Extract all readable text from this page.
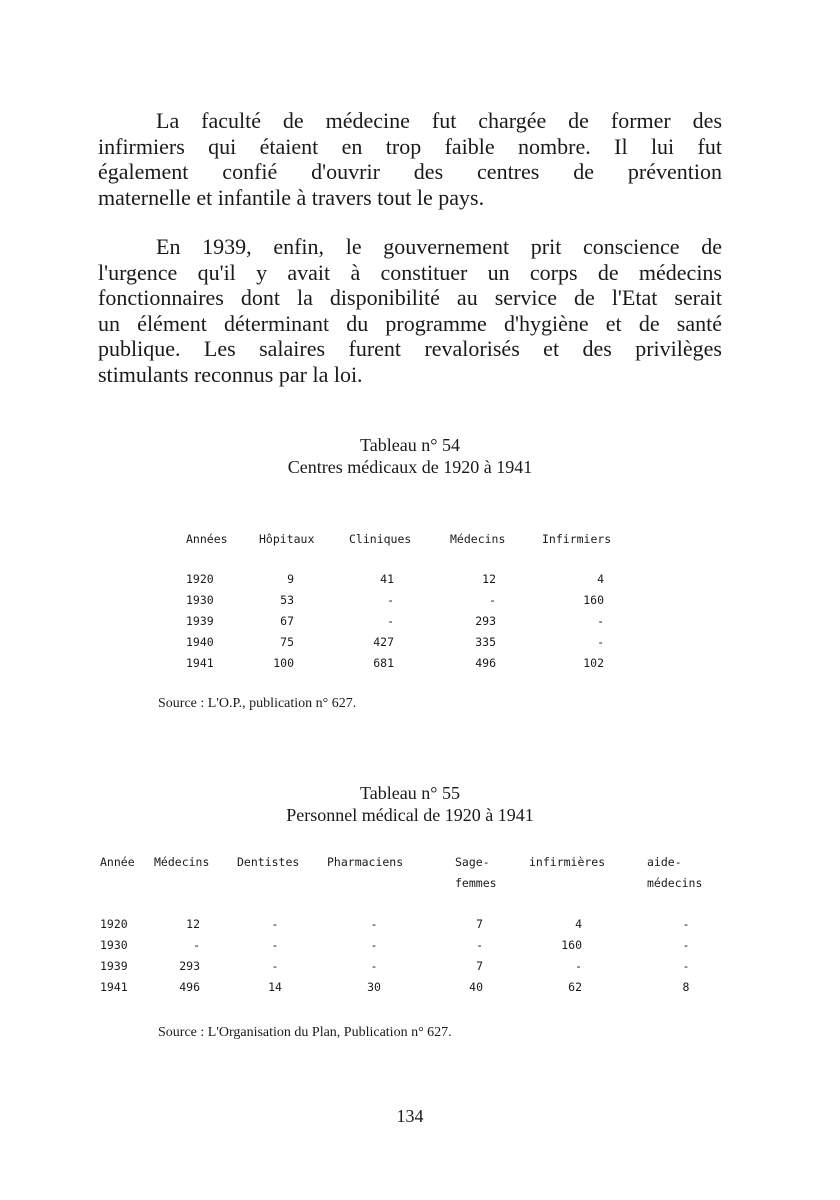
La faculté de médecine fut chargée de former des
infirmiers qui étaient en trop faible nombre. Il lui fut
également confié d'ouvrir des centres de prévention
maternelle et infantile à travers tout le pays.
En 1939, enfin, le gouvernement prit conscience de
l'urgence qu'il y avait à constituer un corps de médecins
fonctionnaires dont la disponibilité au service de l'Etat serait
un élément déterminant du programme d'hygiène et de santé
publique. Les salaires furent revalorisés et des privilèges
stimulants reconnus par la loi.
Tableau n° 54
Centres médicaux de 1920 à 1941
Années	Hôpitaux	Cliniques	Médecins	Infirmiers
1920	9	41	12	4
1930	53	-	-	160
1939	67	-	293	-
1940	75	427	335	-
1941	100	681	496	102
Source : L'O.P., publication n° 627.
Tableau n° 55
Personnel médical de 1920 à 1941
Année Médecins Dentistes Pharmaciens	Sage-	infirmières	aide-
femmes	médecins
1920	12	-	-	7	4	-
1930	-	-	-	-	160	-
1939	293	-	-	7	-	-
1941	496	14	30	40	62	8
Source : L'Organisation du Plan, Publication n° 627.
134
